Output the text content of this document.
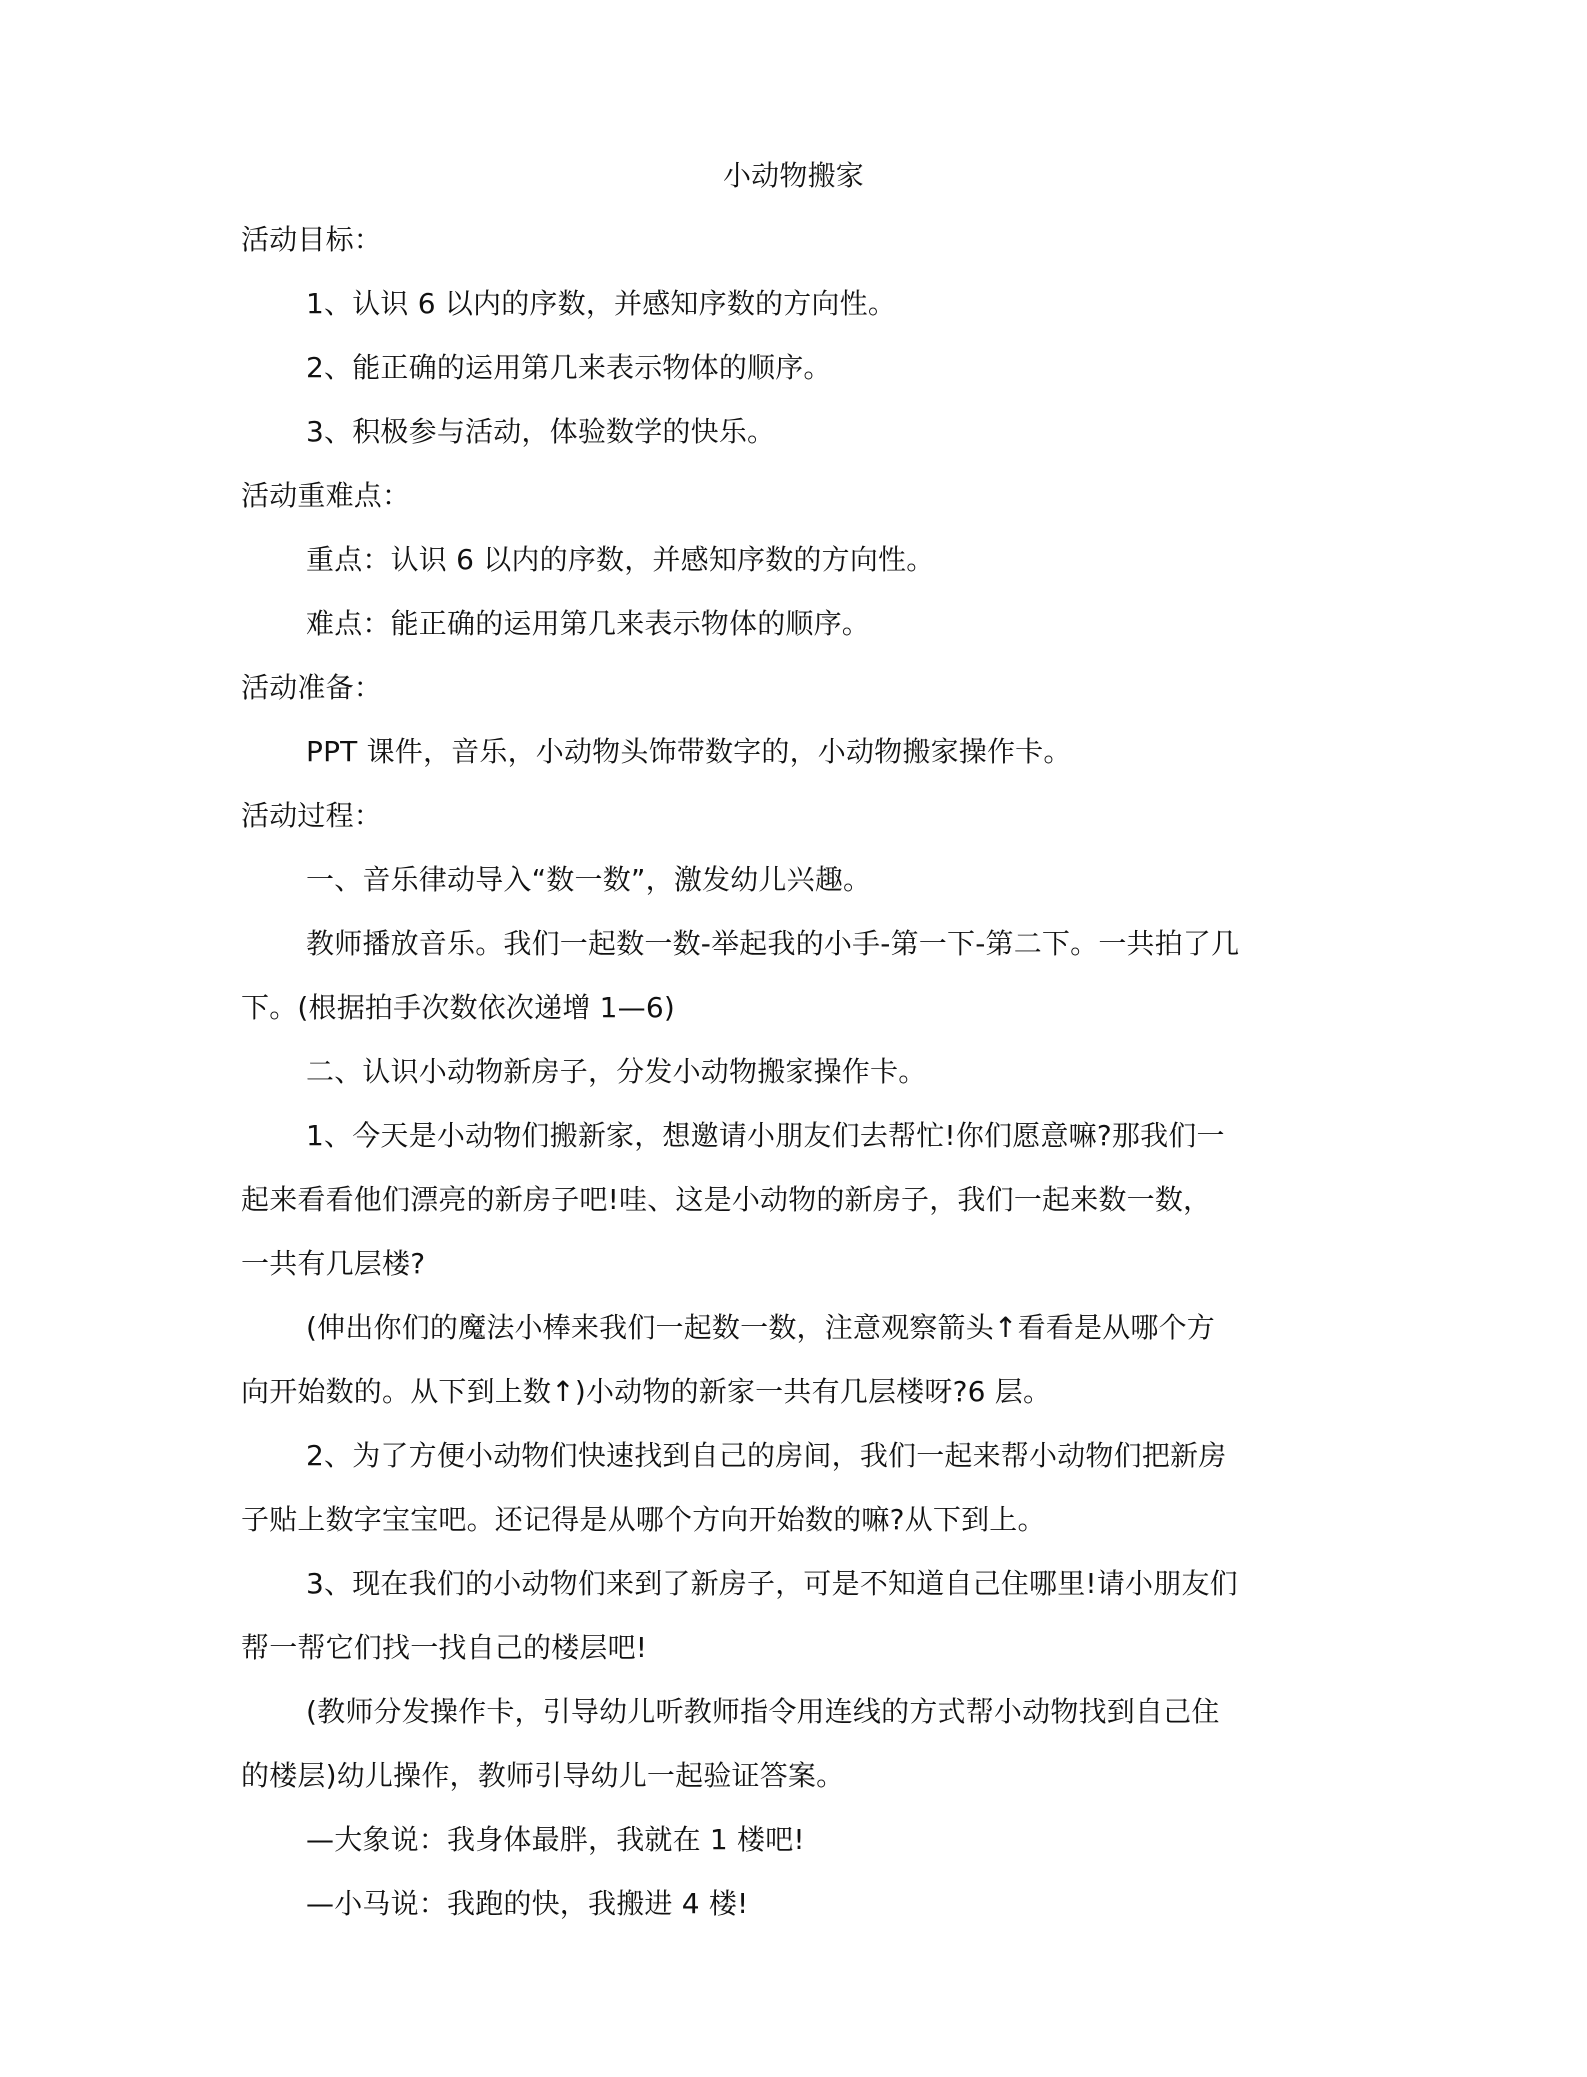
小动物搬家
活动目标：
1、认识 6 以内的序数，并感知序数的方向性。
2、能正确的运用第几来表示物体的顺序。
3、积极参与活动，体验数学的快乐。
活动重难点：
重点：认识 6 以内的序数，并感知序数的方向性。
难点：能正确的运用第几来表示物体的顺序。
活动准备：
PPT 课件，音乐，小动物头饰带数字的，小动物搬家操作卡。
活动过程：
一、音乐律动导入“数一数”，激发幼儿兴趣。
教师播放音乐。我们一起数一数-举起我的小手-第一下-第二下。一共拍了几
下。(根据拍手次数依次递增 1—6)
二、认识小动物新房子，分发小动物搬家操作卡。
1、今天是小动物们搬新家，想邀请小朋友们去帮忙!你们愿意嘛?那我们一
起来看看他们漂亮的新房子吧!哇、这是小动物的新房子，我们一起来数一数，
一共有几层楼?
(伸出你们的魔法小棒来我们一起数一数，注意观察箭头↑看看是从哪个方
向开始数的。从下到上数↑)小动物的新家一共有几层楼呀?6 层。
2、为了方便小动物们快速找到自己的房间，我们一起来帮小动物们把新房
子贴上数字宝宝吧。还记得是从哪个方向开始数的嘛?从下到上。
3、现在我们的小动物们来到了新房子，可是不知道自己住哪里!请小朋友们
帮一帮它们找一找自己的楼层吧!
(教师分发操作卡，引导幼儿听教师指令用连线的方式帮小动物找到自己住
的楼层)幼儿操作，教师引导幼儿一起验证答案。
—大象说：我身体最胖，我就在 1 楼吧!
—小马说：我跑的快，我搬进 4 楼!
